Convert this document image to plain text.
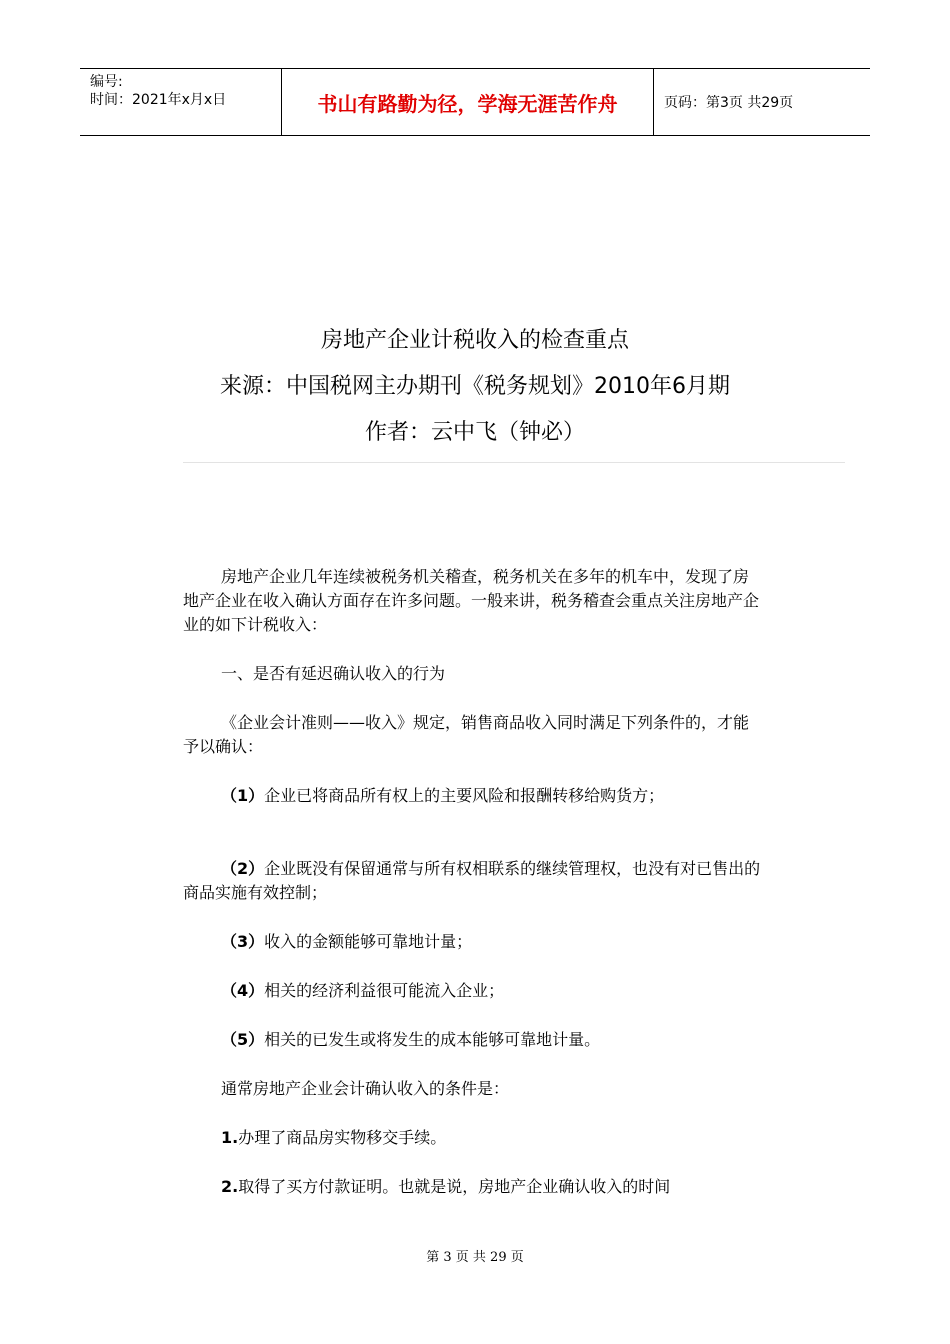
编号:
时间：2021年x月x日	书山有路勤为径，学海无涯苦作舟	页码：第3页 共29页
房地产企业计税收入的检查重点
来源：中国税网主办期刊《税务规划》2010年6月期
作者：云中飞（钟必）

房地产企业几年连续被税务机关稽查，税务机关在多年的机车中，发现了房地产企业在收入确认方面存在许多问题。一般来讲，税务稽查会重点关注房地产企业的如下计税收入：

一、是否有延迟确认收入的行为

《企业会计准则——收入》规定，销售商品收入同时满足下列条件的，才能予以确认：

（1）企业已将商品所有权上的主要风险和报酬转移给购货方；

（2）企业既没有保留通常与所有权相联系的继续管理权，也没有对已售出的商品实施有效控制；

（3）收入的金额能够可靠地计量；

（4）相关的经济利益很可能流入企业；

（5）相关的已发生或将发生的成本能够可靠地计量。

通常房地产企业会计确认收入的条件是：

1.办理了商品房实物移交手续。

2.取得了买方付款证明。也就是说，房地产企业确认收入的时间

第 3 页 共 29 页
